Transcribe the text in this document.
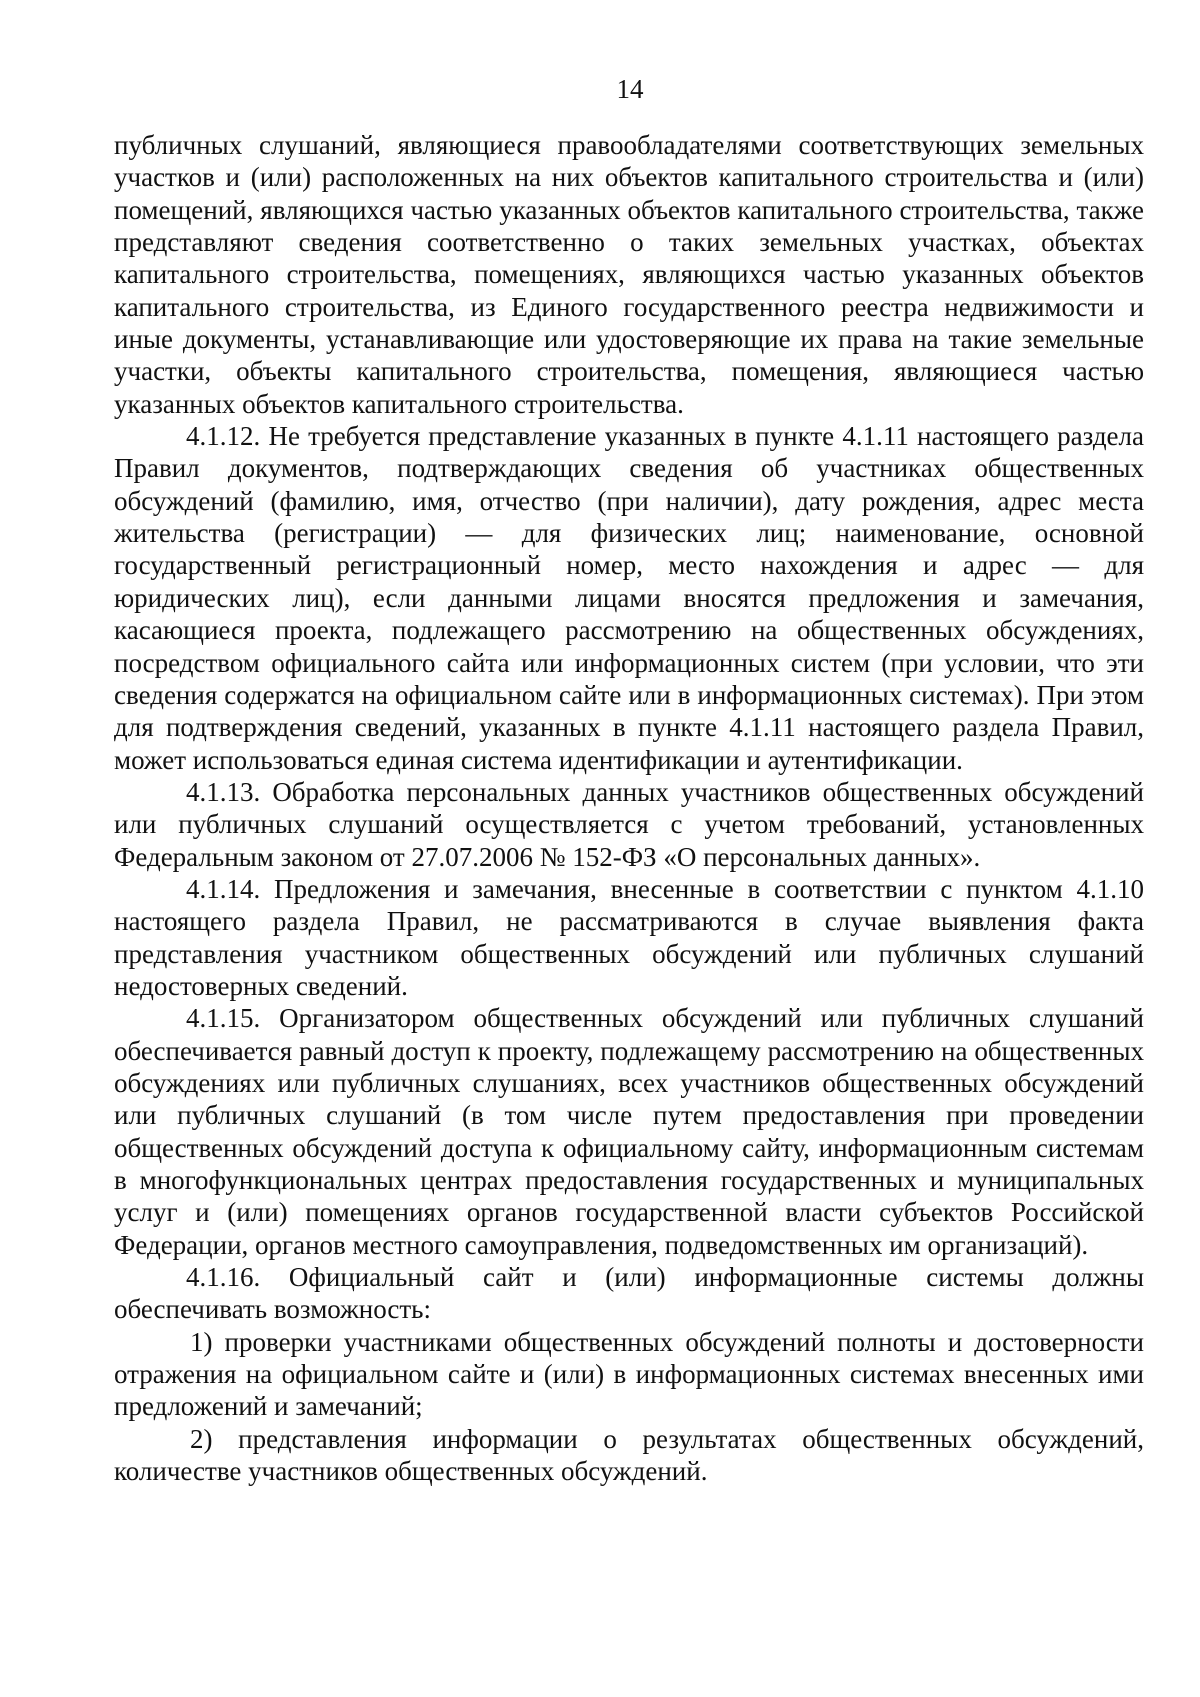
14

публичных слушаний, являющиеся правообладателями соответствующих земельных участков и (или) расположенных на них объектов капитального строительства и (или) помещений, являющихся частью указанных объектов капитального строительства, также представляют сведения соответственно о таких земельных участках, объектах капитального строительства, помещениях, являющихся частью указанных объектов капитального строительства, из Единого государственного реестра недвижимости и иные документы, устанавливающие или удостоверяющие их права на такие земельные участки, объекты капитального строительства, помещения, являющиеся частью указанных объектов капитального строительства.

4.1.12. Не требуется представление указанных в пункте 4.1.11 настоящего раздела Правил документов, подтверждающих сведения об участниках общественных обсуждений (фамилию, имя, отчество (при наличии), дату рождения, адрес места жительства (регистрации) — для физических лиц; наименование, основной государственный регистрационный номер, место нахождения и адрес — для юридических лиц), если данными лицами вносятся предложения и замечания, касающиеся проекта, подлежащего рассмотрению на общественных обсуждениях, посредством официального сайта или информационных систем (при условии, что эти сведения содержатся на официальном сайте или в информационных системах). При этом для подтверждения сведений, указанных в пункте 4.1.11 настоящего раздела Правил, может использоваться единая система идентификации и аутентификации.

4.1.13. Обработка персональных данных участников общественных обсуждений или публичных слушаний осуществляется с учетом требований, установленных Федеральным законом от 27.07.2006 № 152-ФЗ «О персональных данных».

4.1.14. Предложения и замечания, внесенные в соответствии с пунктом 4.1.10 настоящего раздела Правил, не рассматриваются в случае выявления факта представления участником общественных обсуждений или публичных слушаний недостоверных сведений.

4.1.15. Организатором общественных обсуждений или публичных слушаний обеспечивается равный доступ к проекту, подлежащему рассмотрению на общественных обсуждениях или публичных слушаниях, всех участников общественных обсуждений или публичных слушаний (в том числе путем предоставления при проведении общественных обсуждений доступа к официальному сайту, информационным системам в многофункциональных центрах предоставления государственных и муниципальных услуг и (или) помещениях органов государственной власти субъектов Российской Федерации, органов местного самоуправления, подведомственных им организаций).

4.1.16. Официальный сайт и (или) информационные системы должны обеспечивать возможность:

1) проверки участниками общественных обсуждений полноты и достоверности отражения на официальном сайте и (или) в информационных системах внесенных ими предложений и замечаний;

2) представления информации о результатах общественных обсуждений, количестве участников общественных обсуждений.
